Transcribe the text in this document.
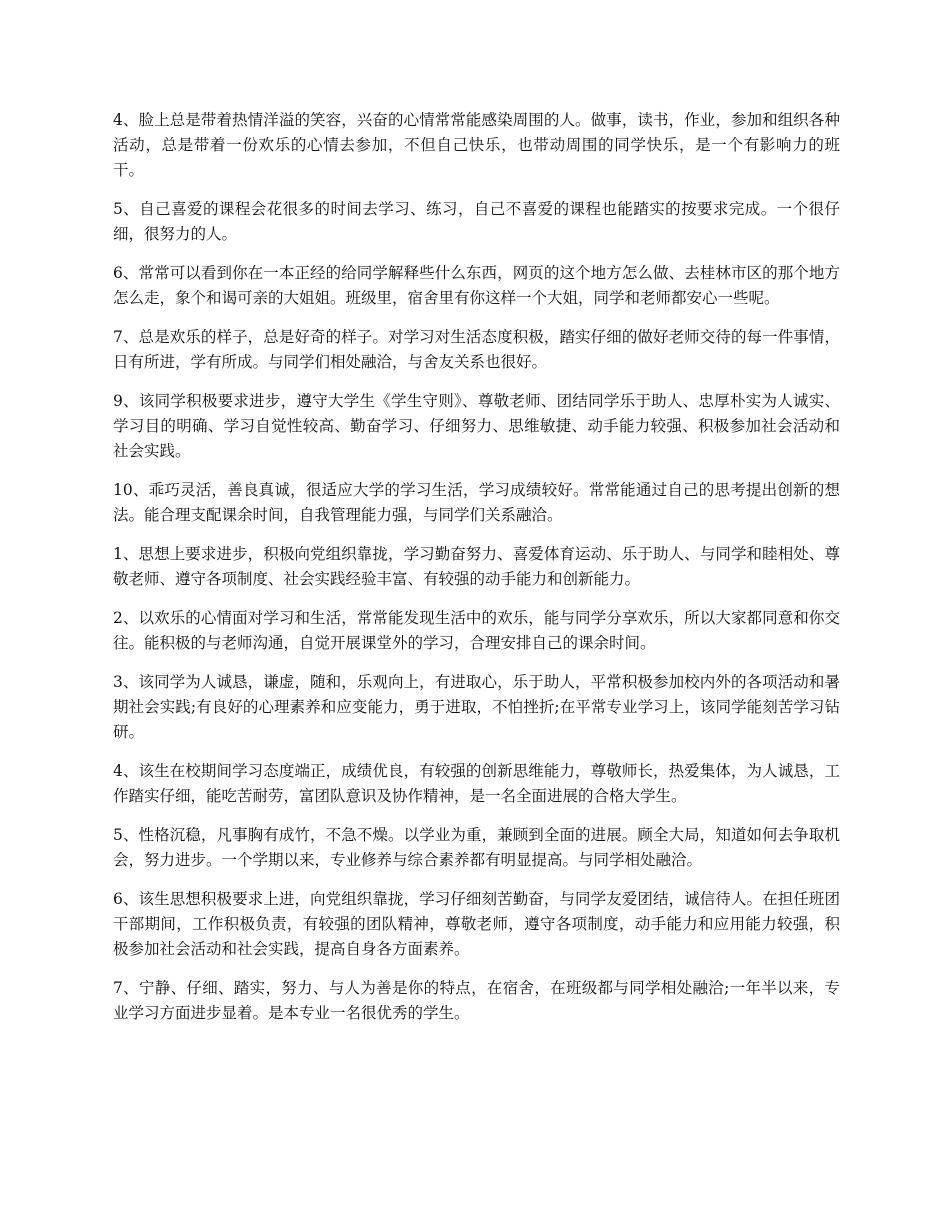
4、脸上总是带着热情洋溢的笑容，兴奋的心情常常能感染周围的人。做事，读书，作业，参加和组织各种活动，总是带着一份欢乐的心情去参加，不但自己快乐，也带动周围的同学快乐，是一个有影响力的班干。

5、自己喜爱的课程会花很多的时间去学习、练习，自己不喜爱的课程也能踏实的按要求完成。一个很仔细，很努力的人。

6、常常可以看到你在一本正经的给同学解释些什么东西，网页的这个地方怎么做、去桂林市区的那个地方怎么走，象个和谒可亲的大姐姐。班级里，宿舍里有你这样一个大姐，同学和老师都安心一些呢。

7、总是欢乐的样子，总是好奇的样子。对学习对生活态度积极，踏实仔细的做好老师交待的每一件事情，日有所进，学有所成。与同学们相处融洽，与舍友关系也很好。

9、该同学积极要求进步，遵守大学生《学生守则》、尊敬老师、团结同学乐于助人、忠厚朴实为人诚实、学习目的明确、学习自觉性较高、勤奋学习、仔细努力、思维敏捷、动手能力较强、积极参加社会活动和社会实践。

10、乖巧灵活，善良真诚，很适应大学的学习生活，学习成绩较好。常常能通过自己的思考提出创新的想法。能合理支配课余时间，自我管理能力强，与同学们关系融洽。

1、思想上要求进步，积极向党组织靠拢，学习勤奋努力、喜爱体育运动、乐于助人、与同学和睦相处、尊敬老师、遵守各项制度、社会实践经验丰富、有较强的动手能力和创新能力。

2、以欢乐的心情面对学习和生活，常常能发现生活中的欢乐，能与同学分享欢乐，所以大家都同意和你交往。能积极的与老师沟通，自觉开展课堂外的学习，合理安排自己的课余时间。

3、该同学为人诚恳，谦虚，随和，乐观向上，有进取心，乐于助人，平常积极参加校内外的各项活动和暑期社会实践;有良好的心理素养和应变能力，勇于进取，不怕挫折;在平常专业学习上，该同学能刻苦学习钻研。

4、该生在校期间学习态度端正，成绩优良，有较强的创新思维能力，尊敬师长，热爱集体，为人诚恳，工作踏实仔细，能吃苦耐劳，富团队意识及协作精神，是一名全面进展的合格大学生。

5、性格沉稳，凡事胸有成竹，不急不燥。以学业为重，兼顾到全面的进展。顾全大局，知道如何去争取机会，努力进步。一个学期以来，专业修养与综合素养都有明显提高。与同学相处融洽。

6、该生思想积极要求上进，向党组织靠拢，学习仔细刻苦勤奋，与同学友爱团结，诚信待人。在担任班团干部期间，工作积极负责，有较强的团队精神，尊敬老师，遵守各项制度，动手能力和应用能力较强，积极参加社会活动和社会实践，提高自身各方面素养。

7、宁静、仔细、踏实，努力、与人为善是你的特点，在宿舍，在班级都与同学相处融洽;一年半以来，专业学习方面进步显着。是本专业一名很优秀的学生。
